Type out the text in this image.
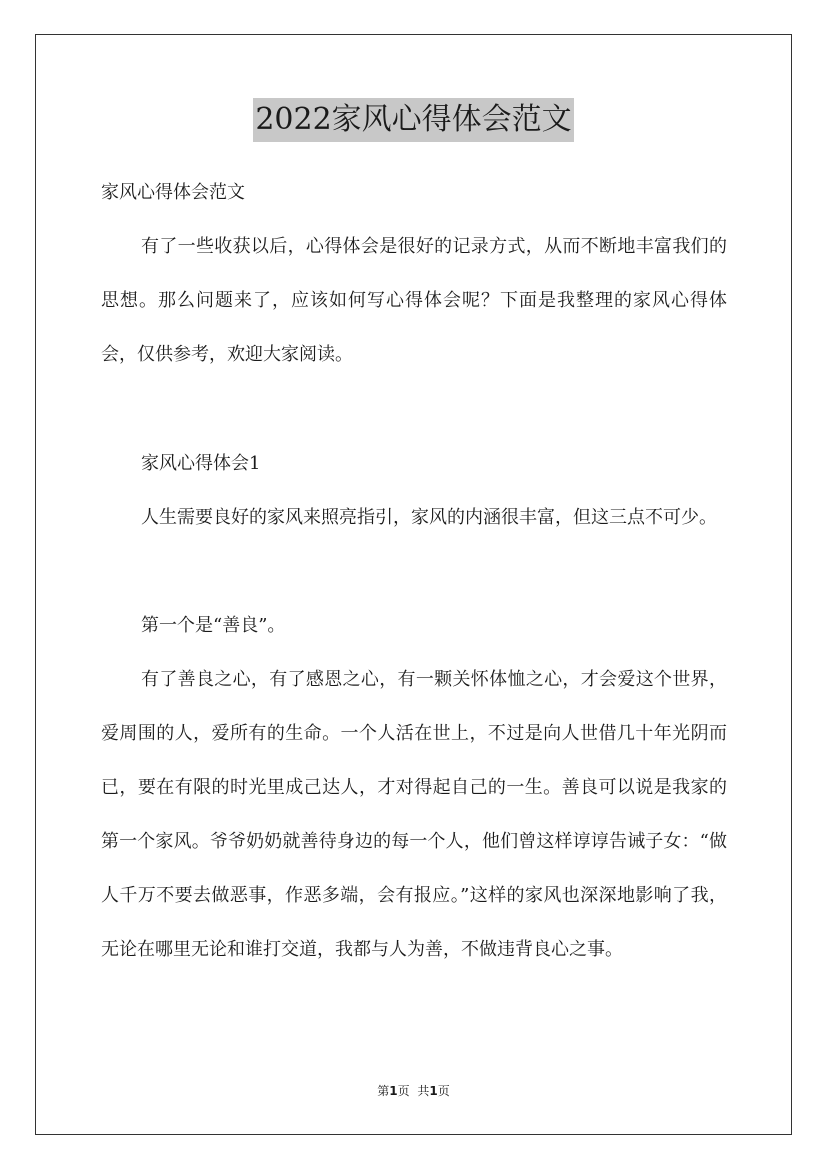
2022家风心得体会范文
家风心得体会范文
有了一些收获以后，心得体会是很好的记录方式，从而不断地丰富我们的思想。那么问题来了，应该如何写心得体会呢？下面是我整理的家风心得体会，仅供参考，欢迎大家阅读。
家风心得体会1
人生需要良好的家风来照亮指引，家风的内涵很丰富，但这三点不可少。
第一个是“善良”。
有了善良之心，有了感恩之心，有一颗关怀体恤之心，才会爱这个世界，爱周围的人，爱所有的生命。一个人活在世上，不过是向人世借几十年光阴而已，要在有限的时光里成己达人，才对得起自己的一生。善良可以说是我家的第一个家风。爷爷奶奶就善待身边的每一个人，他们曾这样谆谆告诫子女：“做人千万不要去做恶事，作恶多端，会有报应。”这样的家风也深深地影响了我，无论在哪里无论和谁打交道，我都与人为善，不做违背良心之事。
第1页 共1页
